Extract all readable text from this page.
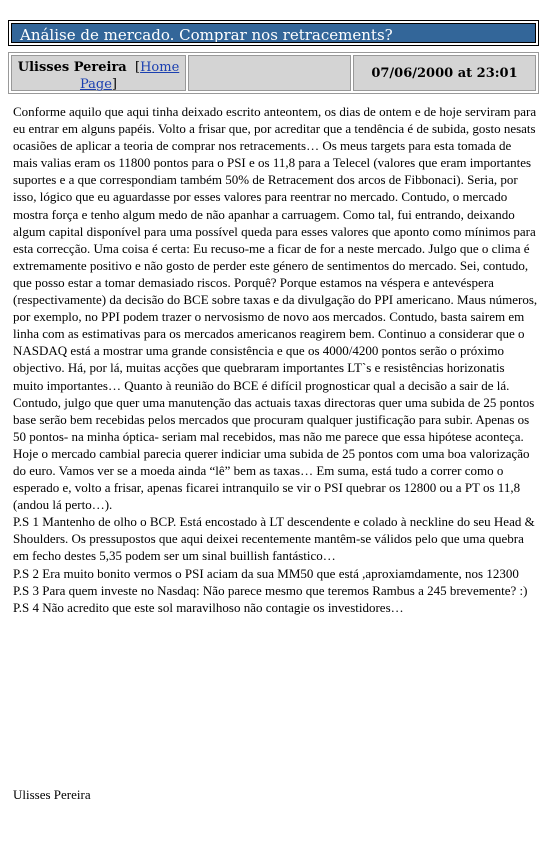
Análise de mercado. Comprar nos retracements?
Ulisses Pereira  [Home Page]
07/06/2000 at 23:01

Conforme aquilo que aqui tinha deixado escrito anteontem, os dias de ontem e de hoje serviram para eu entrar em alguns papéis. Volto a frisar que, por acreditar que a tendência é de subida, gosto nesats ocasiões de aplicar a teoria de comprar nos retracements… Os meus targets para esta tomada de mais valias eram os 11800 pontos para o PSI e os 11,8 para a Telecel (valores que eram importantes suportes e a que correspondiam também 50% de Retracement dos arcos de Fibbonaci). Seria, por isso, lógico que eu aguardasse por esses valores para reentrar no mercado. Contudo, o mercado mostra força e tenho algum medo de não apanhar a carruagem. Como tal, fui entrando, deixando algum capital disponível para uma possível queda para esses valores que aponto como mínimos para esta correcção. Uma coisa é certa: Eu recuso-me a ficar de for a neste mercado. Julgo que o clima é extremamente positivo e não gosto de perder este género de sentimentos do mercado. Sei, contudo, que posso estar a tomar demasiado riscos. Porquê? Porque estamos na véspera e antevéspera (respectivamente) da decisão do BCE sobre taxas e da divulgação do PPI americano. Maus números, por exemplo, no PPI podem trazer o nervosismo de novo aos mercados. Contudo, basta sairem em linha com as estimativas para os mercados americanos reagirem bem. Continuo a considerar que o NASDAQ está a mostrar uma grande consistência e que os 4000/4200 pontos serão o próximo objectivo. Há, por lá, muitas acções que quebraram importantes LT`s e resistências horizonatis muito importantes… Quanto à reunião do BCE é difícil prognosticar qual a decisão a sair de lá. Contudo, julgo que quer uma manutenção das actuais taxas directoras quer uma subida de 25 pontos base serão bem recebidas pelos mercados que procuram qualquer justificação para subir. Apenas os 50 pontos- na minha óptica- seriam mal recebidos, mas não me parece que essa hipótese aconteça. Hoje o mercado cambial parecia querer indiciar uma subida de 25 pontos com uma boa valorização do euro. Vamos ver se a moeda ainda “lê” bem as taxas… Em suma, está tudo a correr como o esperado e, volto a frisar, apenas ficarei intranquilo se vir o PSI quebrar os 12800 ou a PT os 11,8 (andou lá perto…).

P.S 1 Mantenho de olho o BCP. Está encostado à LT descendente e colado à neckline do seu Head & Shoulders. Os pressupostos que aqui deixei recentemente mantêm-se válidos pelo que uma quebra em fecho destes 5,35 podem ser um sinal buillish fantástico…

P.S 2 Era muito bonito vermos o PSI aciam da sua MM50 que está ,aproxiamdamente, nos 12300

P.S 3 Para quem investe no Nasdaq: Não parece mesmo que teremos Rambus a 245 brevemente? :)

P.S 4 Não acredito que este sol maravilhoso não contagie os investidores…

Ulisses Pereira
